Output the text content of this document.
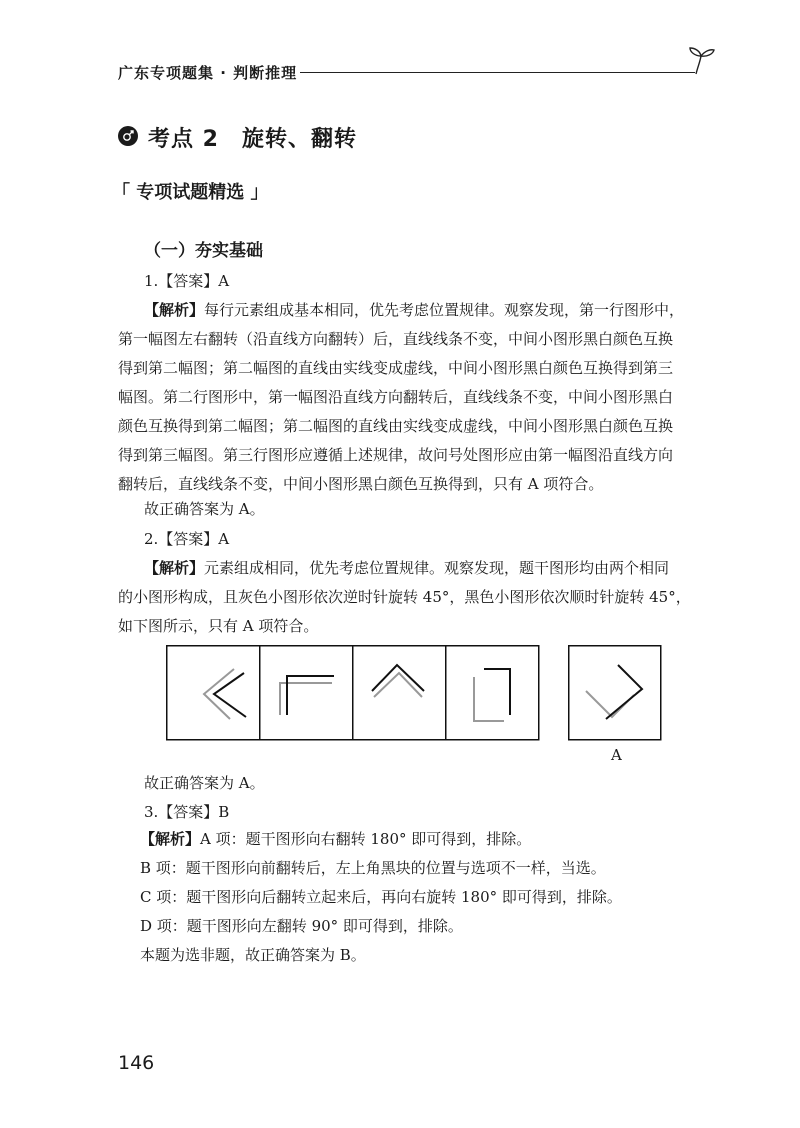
广东专项题集 · 判断推理
考点 2　旋转、翻转
「 专项试题精选 」
（一）夯实基础
1.【答案】A
【解析】每行元素组成基本相同，优先考虑位置规律。观察发现，第一行图形中，
第一幅图左右翻转（沿直线方向翻转）后，直线线条不变，中间小图形黑白颜色互换
得到第二幅图；第二幅图的直线由实线变成虚线，中间小图形黑白颜色互换得到第三
幅图。第二行图形中，第一幅图沿直线方向翻转后，直线线条不变，中间小图形黑白
颜色互换得到第二幅图；第二幅图的直线由实线变成虚线，中间小图形黑白颜色互换
得到第三幅图。第三行图形应遵循上述规律，故问号处图形应由第一幅图沿直线方向
翻转后，直线线条不变，中间小图形黑白颜色互换得到，只有 A 项符合。
故正确答案为 A。
2.【答案】A
【解析】元素组成相同，优先考虑位置规律。观察发现，题干图形均由两个相同
的小图形构成，且灰色小图形依次逆时针旋转 45°，黑色小图形依次顺时针旋转 45°，
如下图所示，只有 A 项符合。
A
故正确答案为 A。
3.【答案】B
【解析】A 项：题干图形向右翻转 180° 即可得到，排除。
B 项：题干图形向前翻转后，左上角黑块的位置与选项不一样，当选。
C 项：题干图形向后翻转立起来后，再向右旋转 180° 即可得到，排除。
D 项：题干图形向左翻转 90° 即可得到，排除。
本题为选非题，故正确答案为 B。
146
